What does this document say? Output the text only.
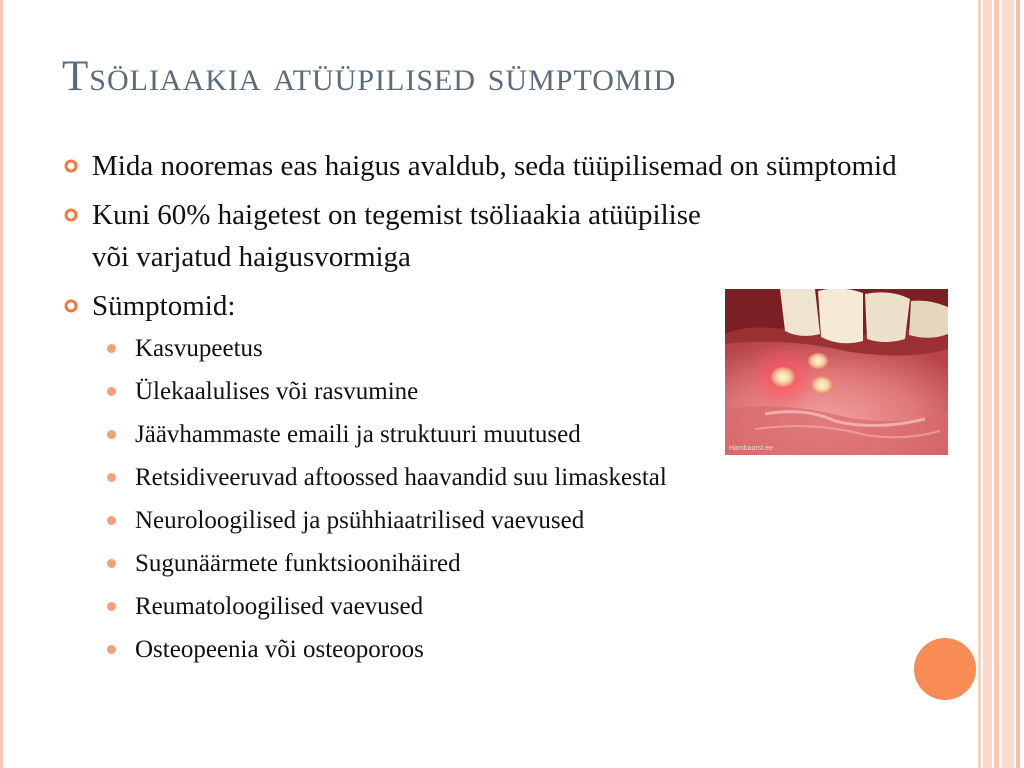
Tsöliaakia atüüpilised sümptomid

Mida nooremas eas haigus avaldub, seda tüüpilisemad on sümptomid

Kuni 60% haigetest on tegemist tsöliaakia atüüpilise või varjatud haigusvormiga

Sümptomid:

Kasvupeetus

Ülekaalulises või rasvumine

Jäävhammaste emaili ja struktuuri muutused

Retsidiveeruvad aftoossed haavandid suu limaskestal

Neuroloogilised ja psühhiaatrilised vaevused

Sugunäärmete funktsioonihäired

Reumatoloogilised vaevused

Osteopeenia või osteoporoos

Hambaarst.ee
